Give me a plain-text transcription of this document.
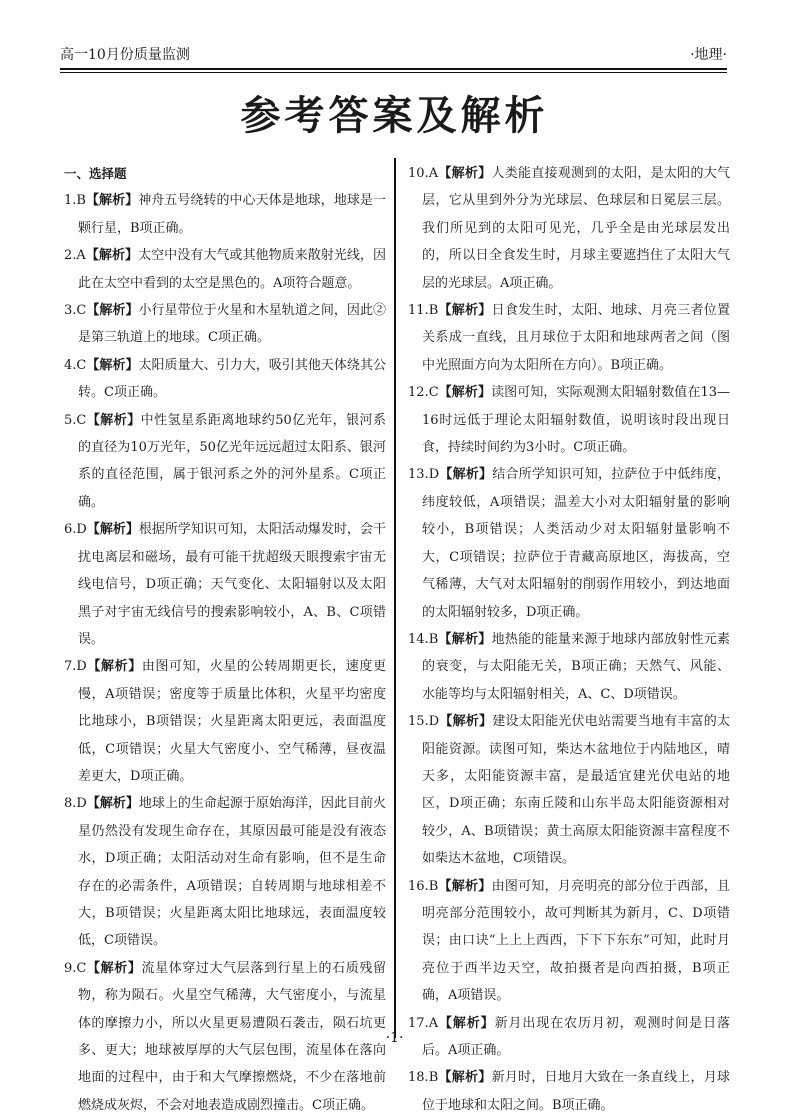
高一10月份质量监测	·地理·
参考答案及解析
一、选择题

1.B【解析】神舟五号绕转的中心天体是地球，地球是一颗行星，B项正确。

2.A【解析】太空中没有大气或其他物质来散射光线，因此在太空中看到的太空是黑色的。A项符合题意。

3.C【解析】小行星带位于火星和木星轨道之间，因此②是第三轨道上的地球。C项正确。

4.C【解析】太阳质量大、引力大，吸引其他天体绕其公转。C项正确。

5.C【解析】中性氢星系距离地球约50亿光年，银河系的直径为10万光年，50亿光年远远超过太阳系、银河系的直径范围，属于银河系之外的河外星系。C项正确。

6.D【解析】根据所学知识可知，太阳活动爆发时，会干扰电离层和磁场，最有可能干扰超级天眼搜索宇宙无线电信号，D项正确；天气变化、太阳辐射以及太阳黑子对宇宙无线信号的搜索影响较小，A、B、C项错误。

7.D【解析】由图可知，火星的公转周期更长，速度更慢，A项错误；密度等于质量比体积，火星平均密度比地球小，B项错误；火星距离太阳更远，表面温度低，C项错误；火星大气密度小、空气稀薄，昼夜温差更大，D项正确。

8.D【解析】地球上的生命起源于原始海洋，因此目前火星仍然没有发现生命存在，其原因最可能是没有液态水，D项正确；太阳活动对生命有影响，但不是生命存在的必需条件，A项错误；自转周期与地球相差不大，B项错误；火星距离太阳比地球远，表面温度较低，C项错误。

9.C【解析】流星体穿过大气层落到行星上的石质残留物，称为陨石。火星空气稀薄，大气密度小，与流星体的摩擦力小，所以火星更易遭陨石袭击，陨石坑更多、更大；地球被厚厚的大气层包围，流星体在落向地面的过程中，由于和大气摩擦燃烧，不少在落地前燃烧成灰烬，不会对地表造成剧烈撞击。C项正确。

10.A【解析】人类能直接观测到的太阳，是太阳的大气层，它从里到外分为光球层、色球层和日冕层三层。我们所见到的太阳可见光，几乎全是由光球层发出的，所以日全食发生时，月球主要遮挡住了太阳大气层的光球层。A项正确。

11.B【解析】日食发生时，太阳、地球、月亮三者位置关系成一直线，且月球位于太阳和地球两者之间（图中光照面方向为太阳所在方向）。B项正确。

12.C【解析】读图可知，实际观测太阳辐射数值在13—16时远低于理论太阳辐射数值，说明该时段出现日食，持续时间约为3小时。C项正确。

13.D【解析】结合所学知识可知，拉萨位于中低纬度，纬度较低，A项错误；温差大小对太阳辐射量的影响较小，B项错误；人类活动少对太阳辐射量影响不大，C项错误；拉萨位于青藏高原地区，海拔高，空气稀薄，大气对太阳辐射的削弱作用较小，到达地面的太阳辐射较多，D项正确。

14.B【解析】地热能的能量来源于地球内部放射性元素的衰变，与太阳能无关，B项正确；天然气、风能、水能等均与太阳辐射相关，A、C、D项错误。

15.D【解析】建设太阳能光伏电站需要当地有丰富的太阳能资源。读图可知，柴达木盆地位于内陆地区，晴天多，太阳能资源丰富，是最适宜建光伏电站的地区，D项正确；东南丘陵和山东半岛太阳能资源相对较少，A、B项错误；黄土高原太阳能资源丰富程度不如柴达木盆地，C项错误。

16.B【解析】由图可知，月亮明亮的部分位于西部，且明亮部分范围较小，故可判断其为新月，C、D项错误；由口诀“上上上西西，下下下东东”可知，此时月亮位于西半边天空，故拍摄者是向西拍摄，B项正确，A项错误。

17.A【解析】新月出现在农历月初，观测时间是日落后。A项正确。

18.B【解析】新月时，日地月大致在一条直线上，月球位于地球和太阳之间。B项正确。

·1·
